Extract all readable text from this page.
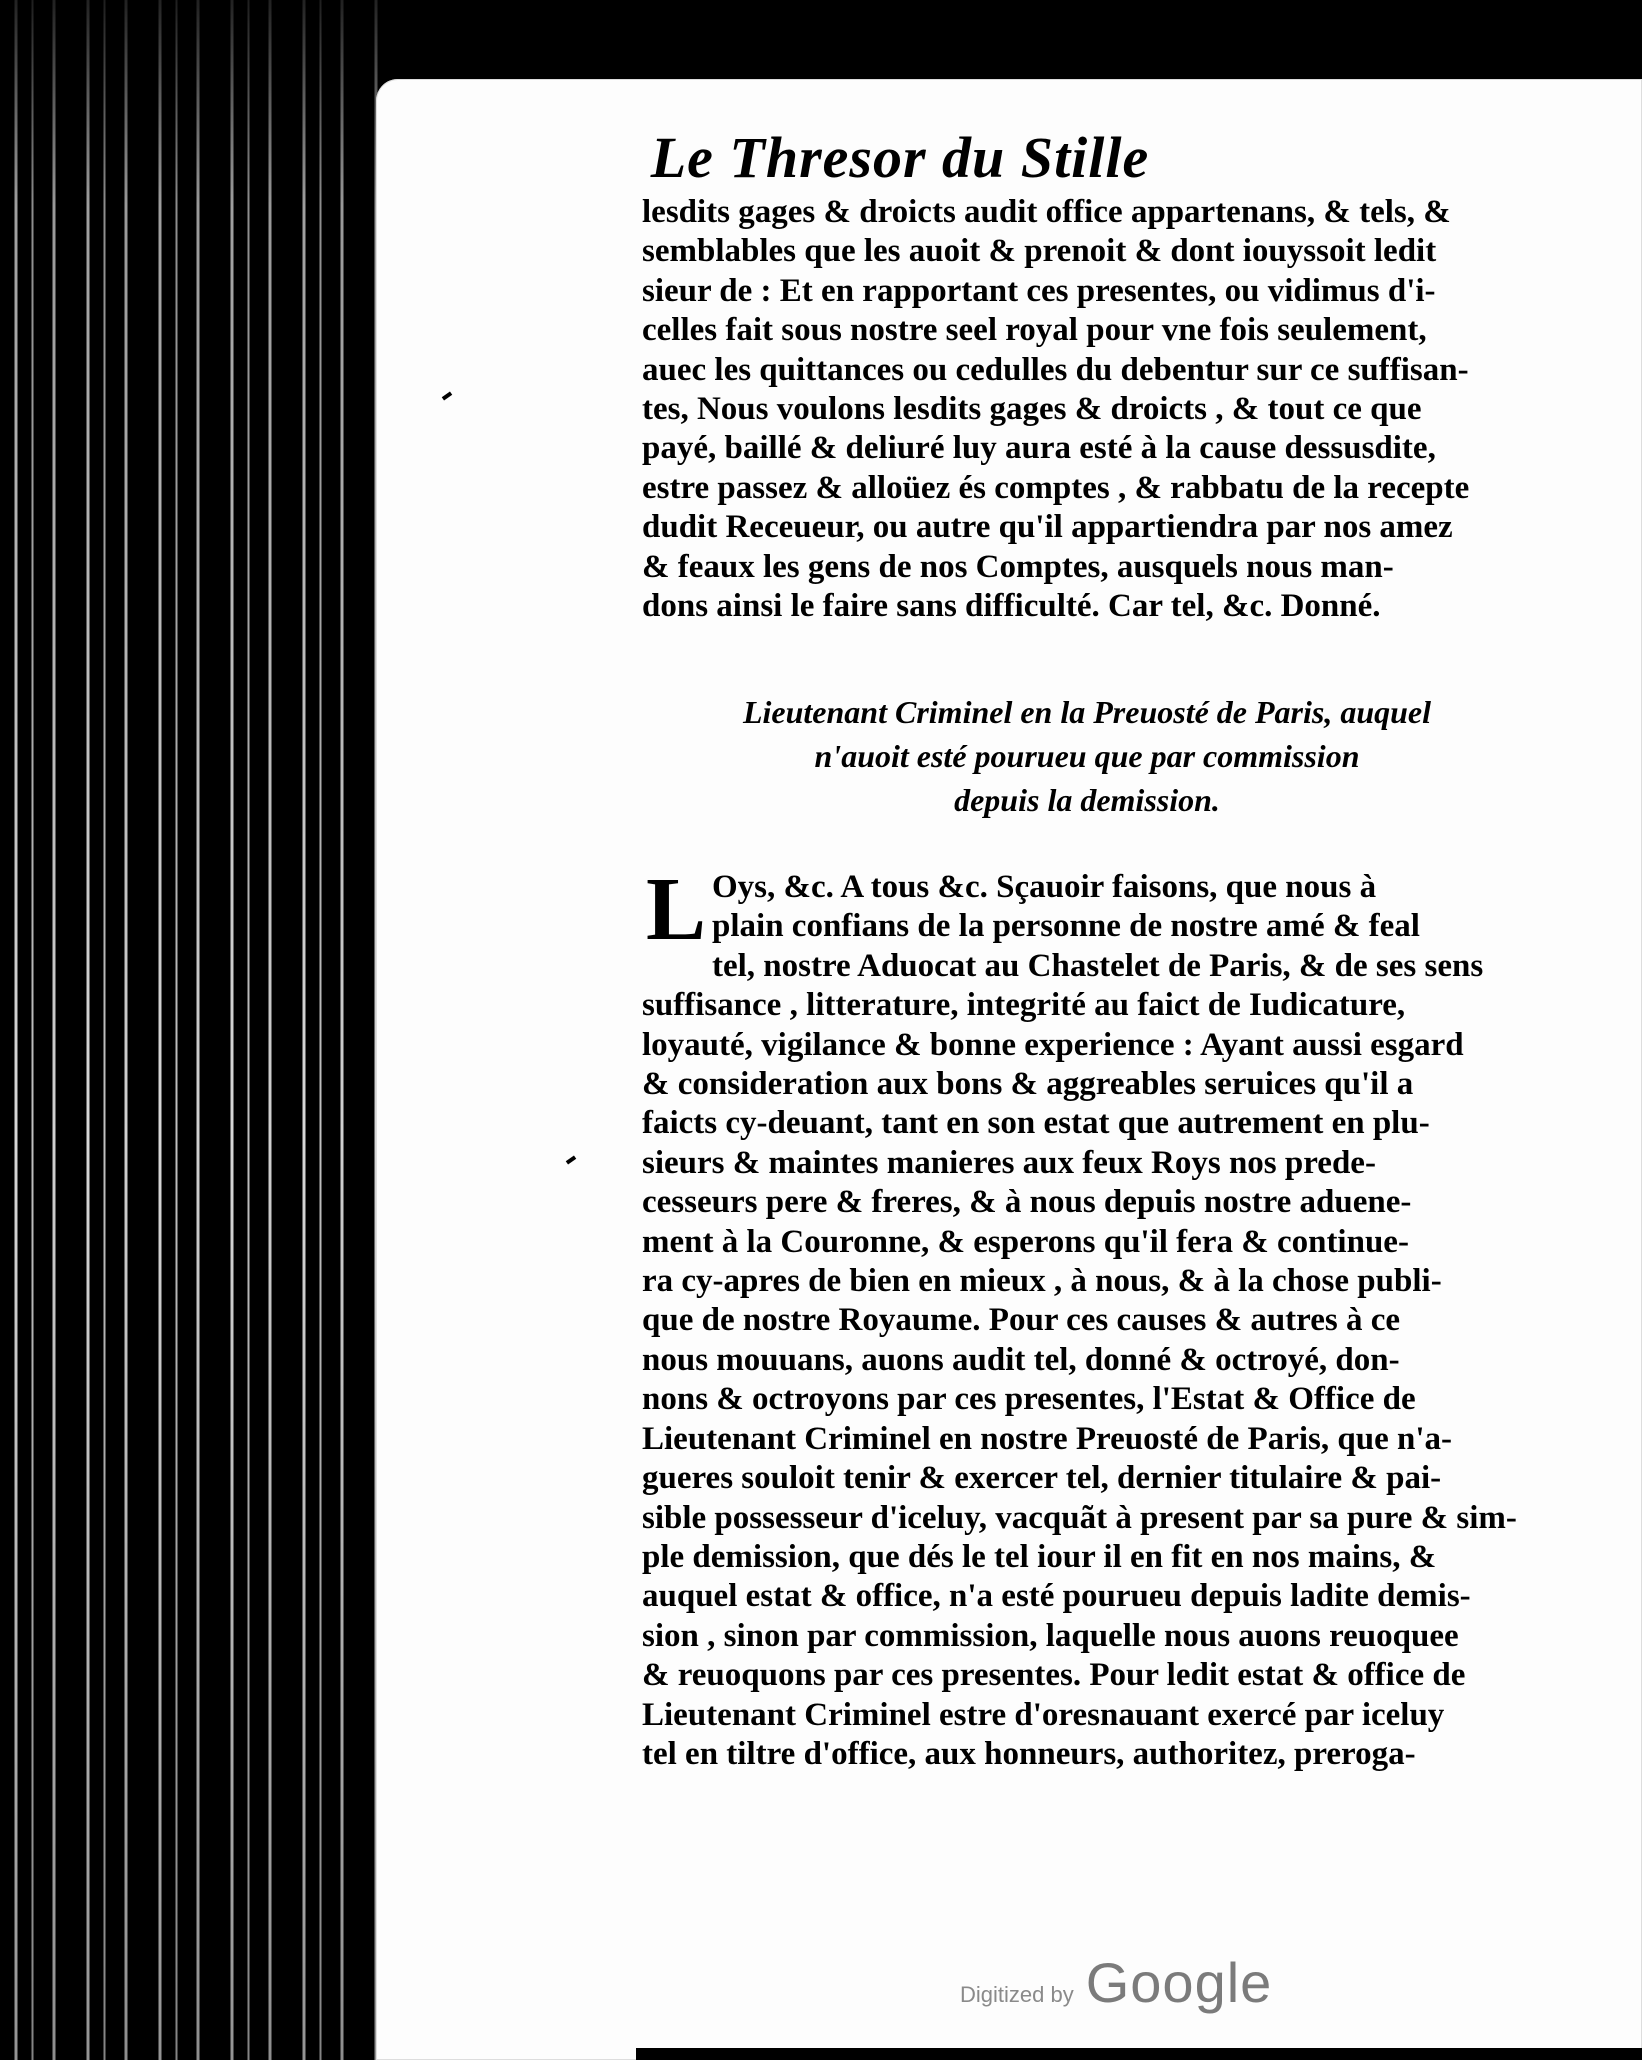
Le Thresor du Stille
lesdits gages & droicts audit office appartenans, & tels, &
semblables que les auoit & prenoit & dont iouyssoit ledit
sieur de : Et en rapportant ces presentes, ou vidimus d'i-
celles fait sous nostre seel royal pour vne fois seulement,
auec les quittances ou cedulles du debentur sur ce suffisan-
tes, Nous voulons lesdits gages & droicts , & tout ce que
payé, baillé & deliuré luy aura esté à la cause dessusdite,
estre passez & alloüez és comptes , & rabbatu de la recepte
dudit Receueur, ou autre qu'il appartiendra par nos amez
& feaux les gens de nos Comptes, ausquels nous man-
dons ainsi le faire sans difficulté. Car tel, &c. Donné.
Lieutenant Criminel en la Preuosté de Paris, auquel
n'auoit esté pourueu que par commission
depuis la demission.
L Oys, &c. A tous &c. Sçauoir faisons, que nous à
plain confians de la personne de nostre amé & feal
tel, nostre Aduocat au Chastelet de Paris, & de ses sens
suffisance , litterature, integrité au faict de Iudicature,
loyauté, vigilance & bonne experience : Ayant aussi esgard
& consideration aux bons & aggreables seruices qu'il a
faicts cy-deuant, tant en son estat que autrement en plu-
sieurs & maintes manieres aux feux Roys nos prede-
cesseurs pere & freres, & à nous depuis nostre aduene-
ment à la Couronne, & esperons qu'il fera & continue-
ra cy-apres de bien en mieux , à nous, & à la chose publi-
que de nostre Royaume. Pour ces causes & autres à ce
nous mouuans, auons audit tel, donné & octroyé, don-
nons & octroyons par ces presentes, l'Estat & Office de
Lieutenant Criminel en nostre Preuosté de Paris, que n'a-
gueres souloit tenir & exercer tel, dernier titulaire & pai-
sible possesseur d'iceluy, vacquãt à present par sa pure & sim-
ple demission, que dés le tel iour il en fit en nos mains, &
auquel estat & office, n'a esté pourueu depuis ladite demis-
sion , sinon par commission, laquelle nous auons reuoquee
& reuoquons par ces presentes. Pour ledit estat & office de
Lieutenant Criminel estre d'oresnauant exercé par iceluy
tel en tiltre d'office, aux honneurs, authoritez, preroga-
Digitized by Google
